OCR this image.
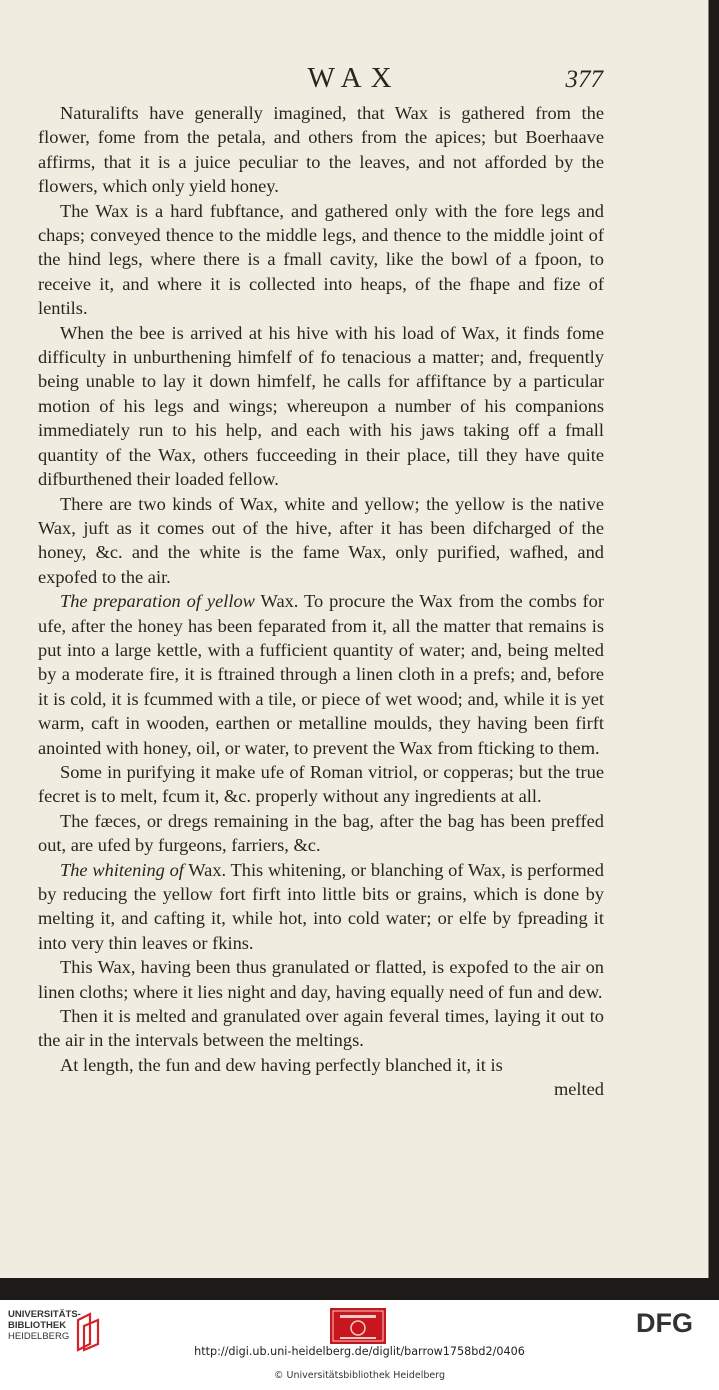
WAX	377

Naturalifts have generally imagined, that Wax is gathered from the flower, fome from the petala, and others from the apices; but Boerhaave affirms, that it is a juice peculiar to the leaves, and not afforded by the flowers, which only yield honey.

The Wax is a hard fubftance, and gathered only with the fore legs and chaps; conveyed thence to the middle legs, and thence to the middle joint of the hind legs, where there is a fmall cavity, like the bowl of a fpoon, to receive it, and where it is collected into heaps, of the fhape and fize of lentils.

When the bee is arrived at his hive with his load of Wax, it finds fome difficulty in unburthening himfelf of fo tenacious a matter; and, frequently being unable to lay it down himfelf, he calls for affiftance by a particular motion of his legs and wings; whereupon a number of his companions immediately run to his help, and each with his jaws taking off a fmall quantity of the Wax, others fucceeding in their place, till they have quite difburthened their loaded fellow.

There are two kinds of Wax, white and yellow; the yellow is the native Wax, juft as it comes out of the hive, after it has been difcharged of the honey, &c. and the white is the fame Wax, only purified, wafhed, and expofed to the air.

The preparation of yellow Wax. To procure the Wax from the combs for ufe, after the honey has been feparated from it, all the matter that remains is put into a large kettle, with a fufficient quantity of water; and, being melted by a moderate fire, it is ftrained through a linen cloth in a prefs; and, before it is cold, it is fcummed with a tile, or piece of wet wood; and, while it is yet warm, caft in wooden, earthen or metalline moulds, they having been firft anointed with honey, oil, or water, to prevent the Wax from fticking to them.

Some in purifying it make ufe of Roman vitriol, or copperas; but the true fecret is to melt, fcum it, &c. properly without any ingredients at all.

The fæces, or dregs remaining in the bag, after the bag has been preffed out, are ufed by furgeons, farriers, &c.

The whitening of Wax. This whitening, or blanching of Wax, is performed by reducing the yellow fort firft into little bits or grains, which is done by melting it, and cafting it, while hot, into cold water; or elfe by fpreading it into very thin leaves or fkins.

This Wax, having been thus granulated or flatted, is expofed to the air on linen cloths; where it lies night and day, having equally need of fun and dew.

Then it is melted and granulated over again feveral times, laying it out to the air in the intervals between the meltings.

At length, the fun and dew having perfectly blanched it, it is

melted

UNIVERSITÄTS-BIBLIOTHEK
HEIDELBERG	DFG
http://digi.ub.uni-heidelberg.de/diglit/barrow1758bd2/0406
© Universitätsbibliothek Heidelberg
